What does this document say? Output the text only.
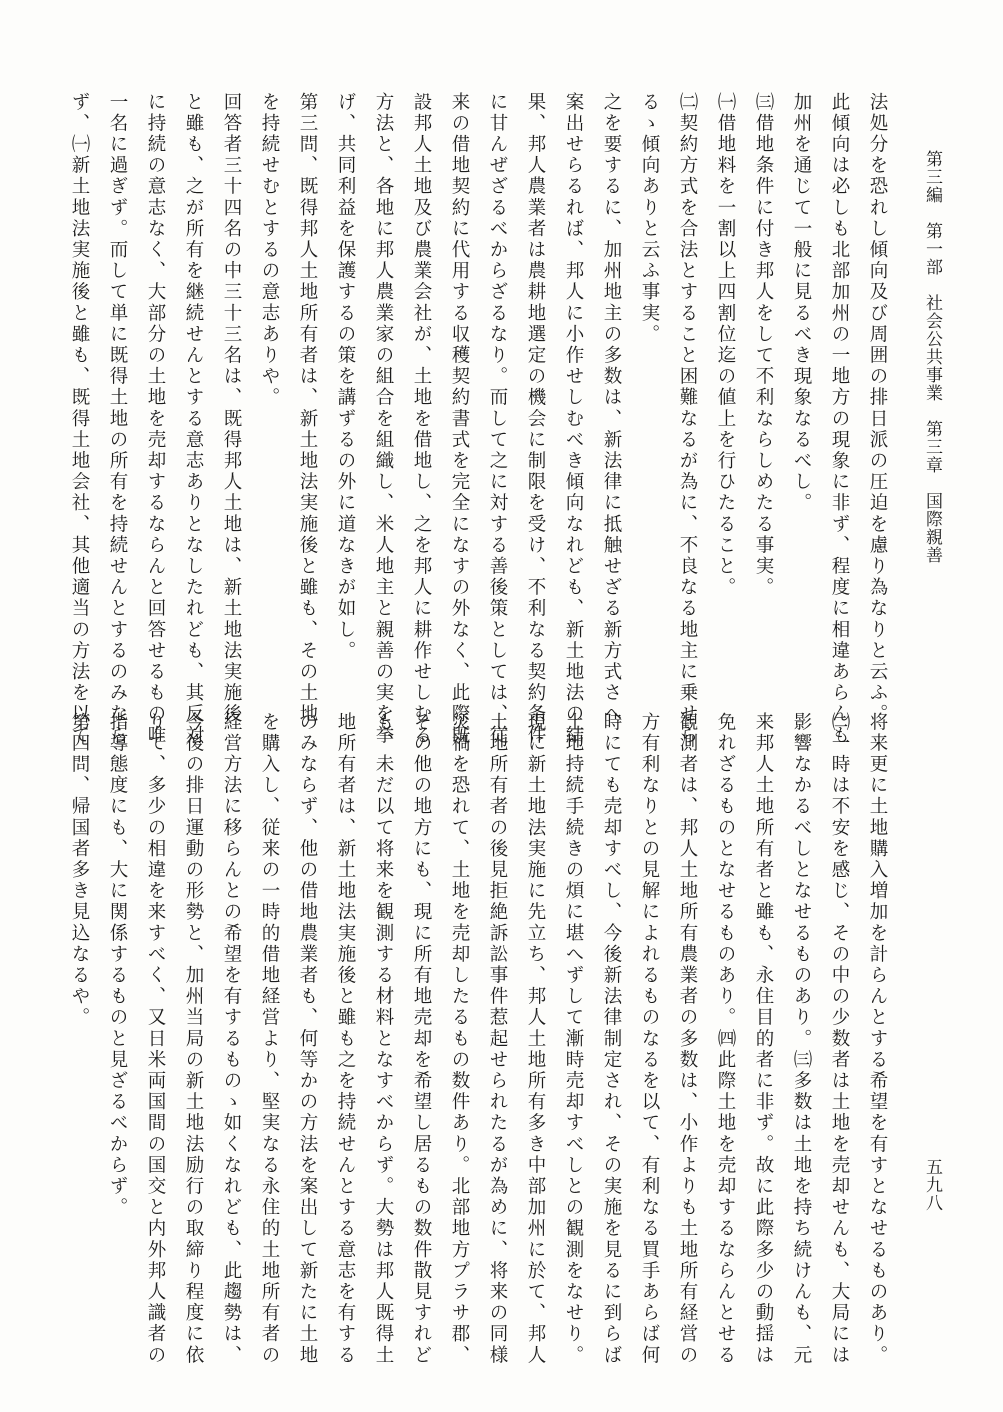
第三編　第一部　社会公共事業　第三章　国際親善
五九八
法処分を恐れし傾向及び周囲の排日派の圧迫を慮り為なりと云ふ。
此傾向は必しも北部加州の一地方の現象に非ず、程度に相違あらんも
加州を通じて一般に見るべき現象なるべし。
㈢借地条件に付き邦人をして不利ならしめたる事実。
㈠借地料を一割以上四割位迄の値上を行ひたること。
㈡契約方式を合法とすること困難なるが為に、不良なる地主に乗せら
るゝ傾向ありと云ふ事実。
之を要するに、加州地主の多数は、新法律に抵触せざる新方式さへ
案出せらるれば、邦人に小作せしむべき傾向なれども、新土地法の結
果、邦人農業者は農耕地選定の機会に制限を受け、不利なる契約条件
に甘んぜざるべからざるなり。而して之に対する善後策としては、従
来の借地契約に代用する収穫契約書式を完全になすの外なく、此際既
設邦人土地及び農業会社が、土地を借地し、之を邦人に耕作せしむる
方法と、各地に邦人農業家の組合を組織し、米人地主と親善の実を挙
げ、共同利益を保護するの策を講ずるの外に道なきが如し。
第三問、既得邦人土地所有者は、新土地法実施後と雖も、その土地
を持続せむとするの意志ありや。
回答者三十四名の中三十三名は、既得邦人土地は、新土地法実施後
と雖も、之が所有を継続せんとする意志ありとなしたれども、其反対
に持続の意志なく、大部分の土地を売却するならんと回答せるもの唯
一名に過ぎず。而して単に既得土地の所有を持続せんとするのみなら
ず、㈠新土地法実施後と雖も、既得土地会社、其他適当の方法を以て
将来更に土地購入増加を計らんとする希望を有すとなせるものあり。
㈡一時は不安を感じ、その中の少数者は土地を売却せんも、大局には
影響なかるべしとなせるものあり。㈢多数は土地を持ち続けんも、元
来邦人土地所有者と雖も、永住目的者に非ず。故に此際多少の動揺は
免れざるものとなせるものあり。㈣此際土地を売却するならんとせる
観測者は、邦人土地所有農業者の多数は、小作よりも土地所有経営の
方有利なりとの見解によれるものなるを以て、有利なる買手あらば何
時にても売却すべし、今後新法律制定され、その実施を見るに到らば
土地持続手続きの煩に堪へずして漸時売却すべしとの観測をなせり。
現に新土地法実施に先立ち、邦人土地所有多き中部加州に於て、邦人
土地所有者の後見拒絶訴訟事件惹起せられたるが為めに、将来の同様
災禍を恐れて、土地を売却したるもの数件あり。北部地方プラサ郡、
その他の地方にも、現に所有地売却を希望し居るもの数件散見すれど
も、未だ以て将来を観測する材料となすべからず。大勢は邦人既得土
地所有者は、新土地法実施後と雖も之を持続せんとする意志を有する
のみならず、他の借地農業者も、何等かの方法を案出して新たに土地
を購入し、従来の一時的借地経営より、堅実なる永住的土地所有者の
経営方法に移らんとの希望を有するものゝ如くなれども、此趨勢は、
今後の排日運動の形勢と、加州当局の新土地法励行の取締り程度に依
りて、多少の相違を来すべく、又日米両国間の国交と内外邦人識者の
指導態度にも、大に関係するものと見ざるべからず。
第四問、帰国者多き見込なるや。
